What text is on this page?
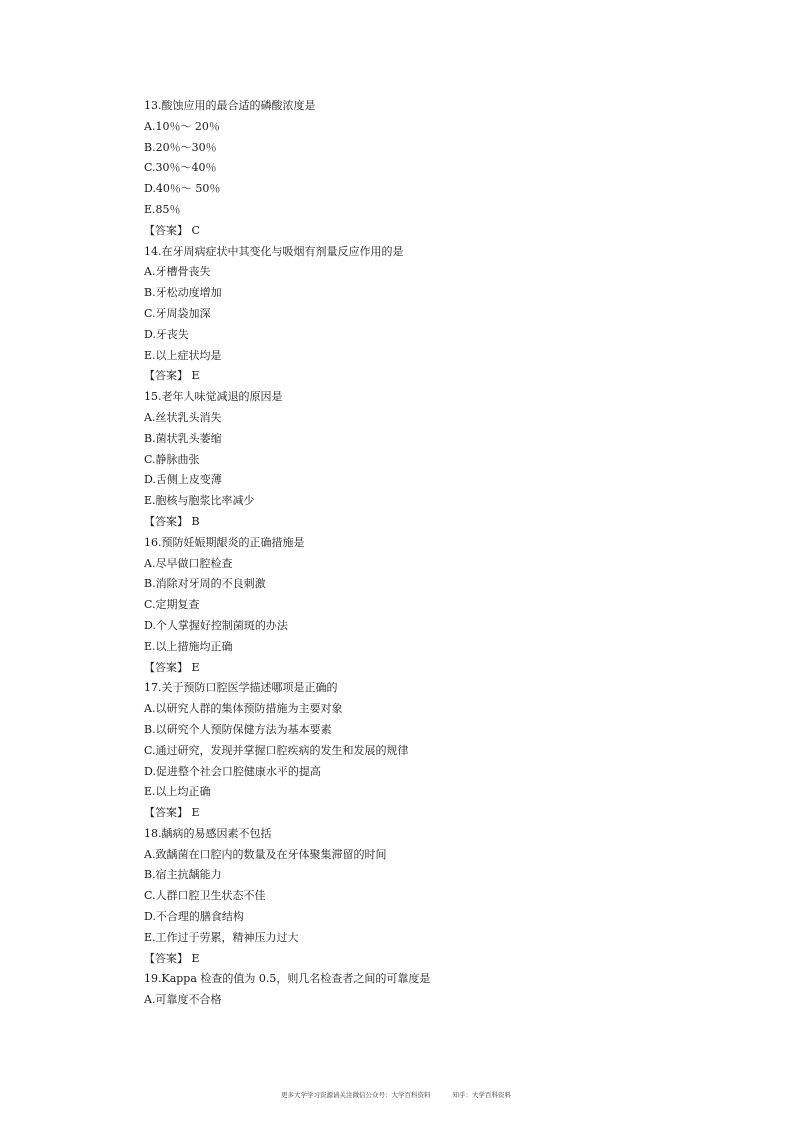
13.酸蚀应用的最合适的磷酸浓度是
A.10％～ 20％
B.20％～30％
C.30％～40％
D.40％～ 50％
E.85％
【答案】 C
14.在牙周病症状中其变化与吸烟有剂量反应作用的是
A.牙槽骨丧失
B.牙松动度增加
C.牙周袋加深
D.牙丧失
E.以上症状均是
【答案】 E
15.老年人味觉减退的原因是
A.丝状乳头消失
B.菌状乳头萎缩
C.静脉曲张
D.舌侧上皮变薄
E.胞核与胞浆比率减少
【答案】 B
16.预防妊娠期龈炎的正确措施是
A.尽早做口腔检查
B.消除对牙周的不良刺激
C.定期复查
D.个人掌握好控制菌斑的办法
E.以上措施均正确
【答案】 E
17.关于预防口腔医学描述哪项是正确的
A.以研究人群的集体预防措施为主要对象
B.以研究个人预防保健方法为基本要素
C.通过研究，发现并掌握口腔疾病的发生和发展的规律
D.促进整个社会口腔健康水平的提高
E.以上均正确
【答案】 E
18.龋病的易感因素不包括
A.致龋菌在口腔内的数量及在牙体聚集滞留的时间
B.宿主抗龋能力
C.人群口腔卫生状态不佳
D.不合理的膳食结构
E.工作过于劳累，精神压力过大
【答案】 E
19.Kappa 检查的值为 0.5，则几名检查者之间的可靠度是
A.可靠度不合格
更多大学学习资源请关注微信公众号：大学百科资料	知乎：大学百科资料
